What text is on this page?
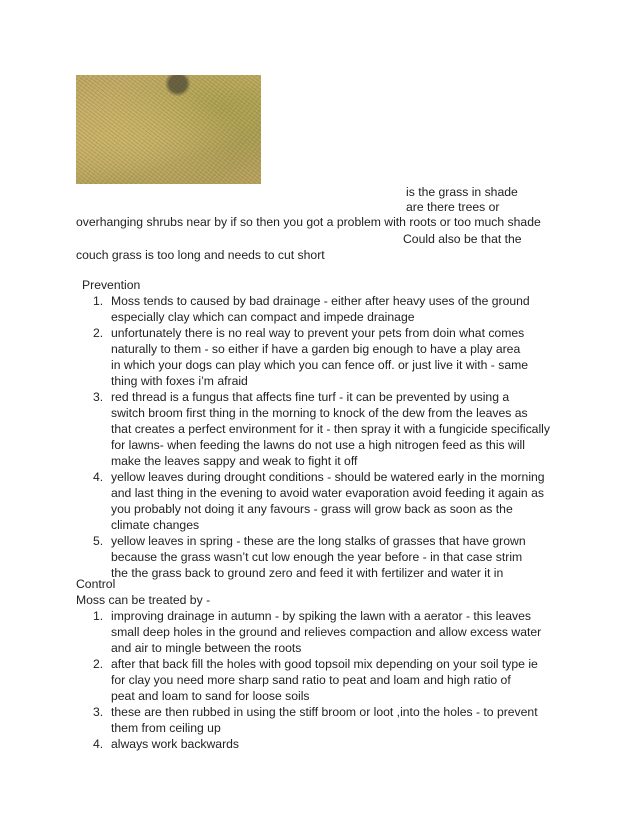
is the grass in shade
are there trees or
overhanging shrubs near by if so then you got a problem with roots or too much shade
Could also be that the
couch grass is too long and needs to cut short
Prevention
1. Moss tends to caused by bad drainage - either after heavy uses of the ground
especially clay which can compact and impede drainage
2. unfortunately there is no real way to prevent your pets from doin what comes
naturally to them - so either if have a garden big enough to have a play area
in which your dogs can play which you can fence off. or just live it with - same
thing with foxes i’m afraid
3. red thread is a fungus that affects fine turf - it can be prevented by using a
switch broom first thing in the morning to knock of the dew from the leaves as
that creates a perfect environment for it - then spray it with a fungicide specifically
for lawns- when feeding the lawns do not use a high nitrogen feed as this will
make the leaves sappy and weak to fight it off
4. yellow leaves during drought conditions - should be watered early in the morning
and last thing in the evening to avoid water evaporation avoid feeding it again as
you probably not doing it any favours - grass will grow back as soon as the
climate changes
5. yellow leaves in spring - these are the long stalks of grasses that have grown
because the grass wasn’t cut low enough the year before - in that case strim
the the grass back to ground zero and feed it with fertilizer and water it in
Control
Moss can be treated by -
1. improving drainage in autumn - by spiking the lawn with a aerator - this leaves
small deep holes in the ground and relieves compaction and allow excess water
and air to mingle between the roots
2. after that back fill the holes with good topsoil mix depending on your soil type ie
for clay you need more sharp sand ratio to peat and loam and high ratio of
peat and loam to sand for loose soils
3. these are then rubbed in using the stiff broom or loot ,into the holes - to prevent
them from ceiling up
4. always work backwards
